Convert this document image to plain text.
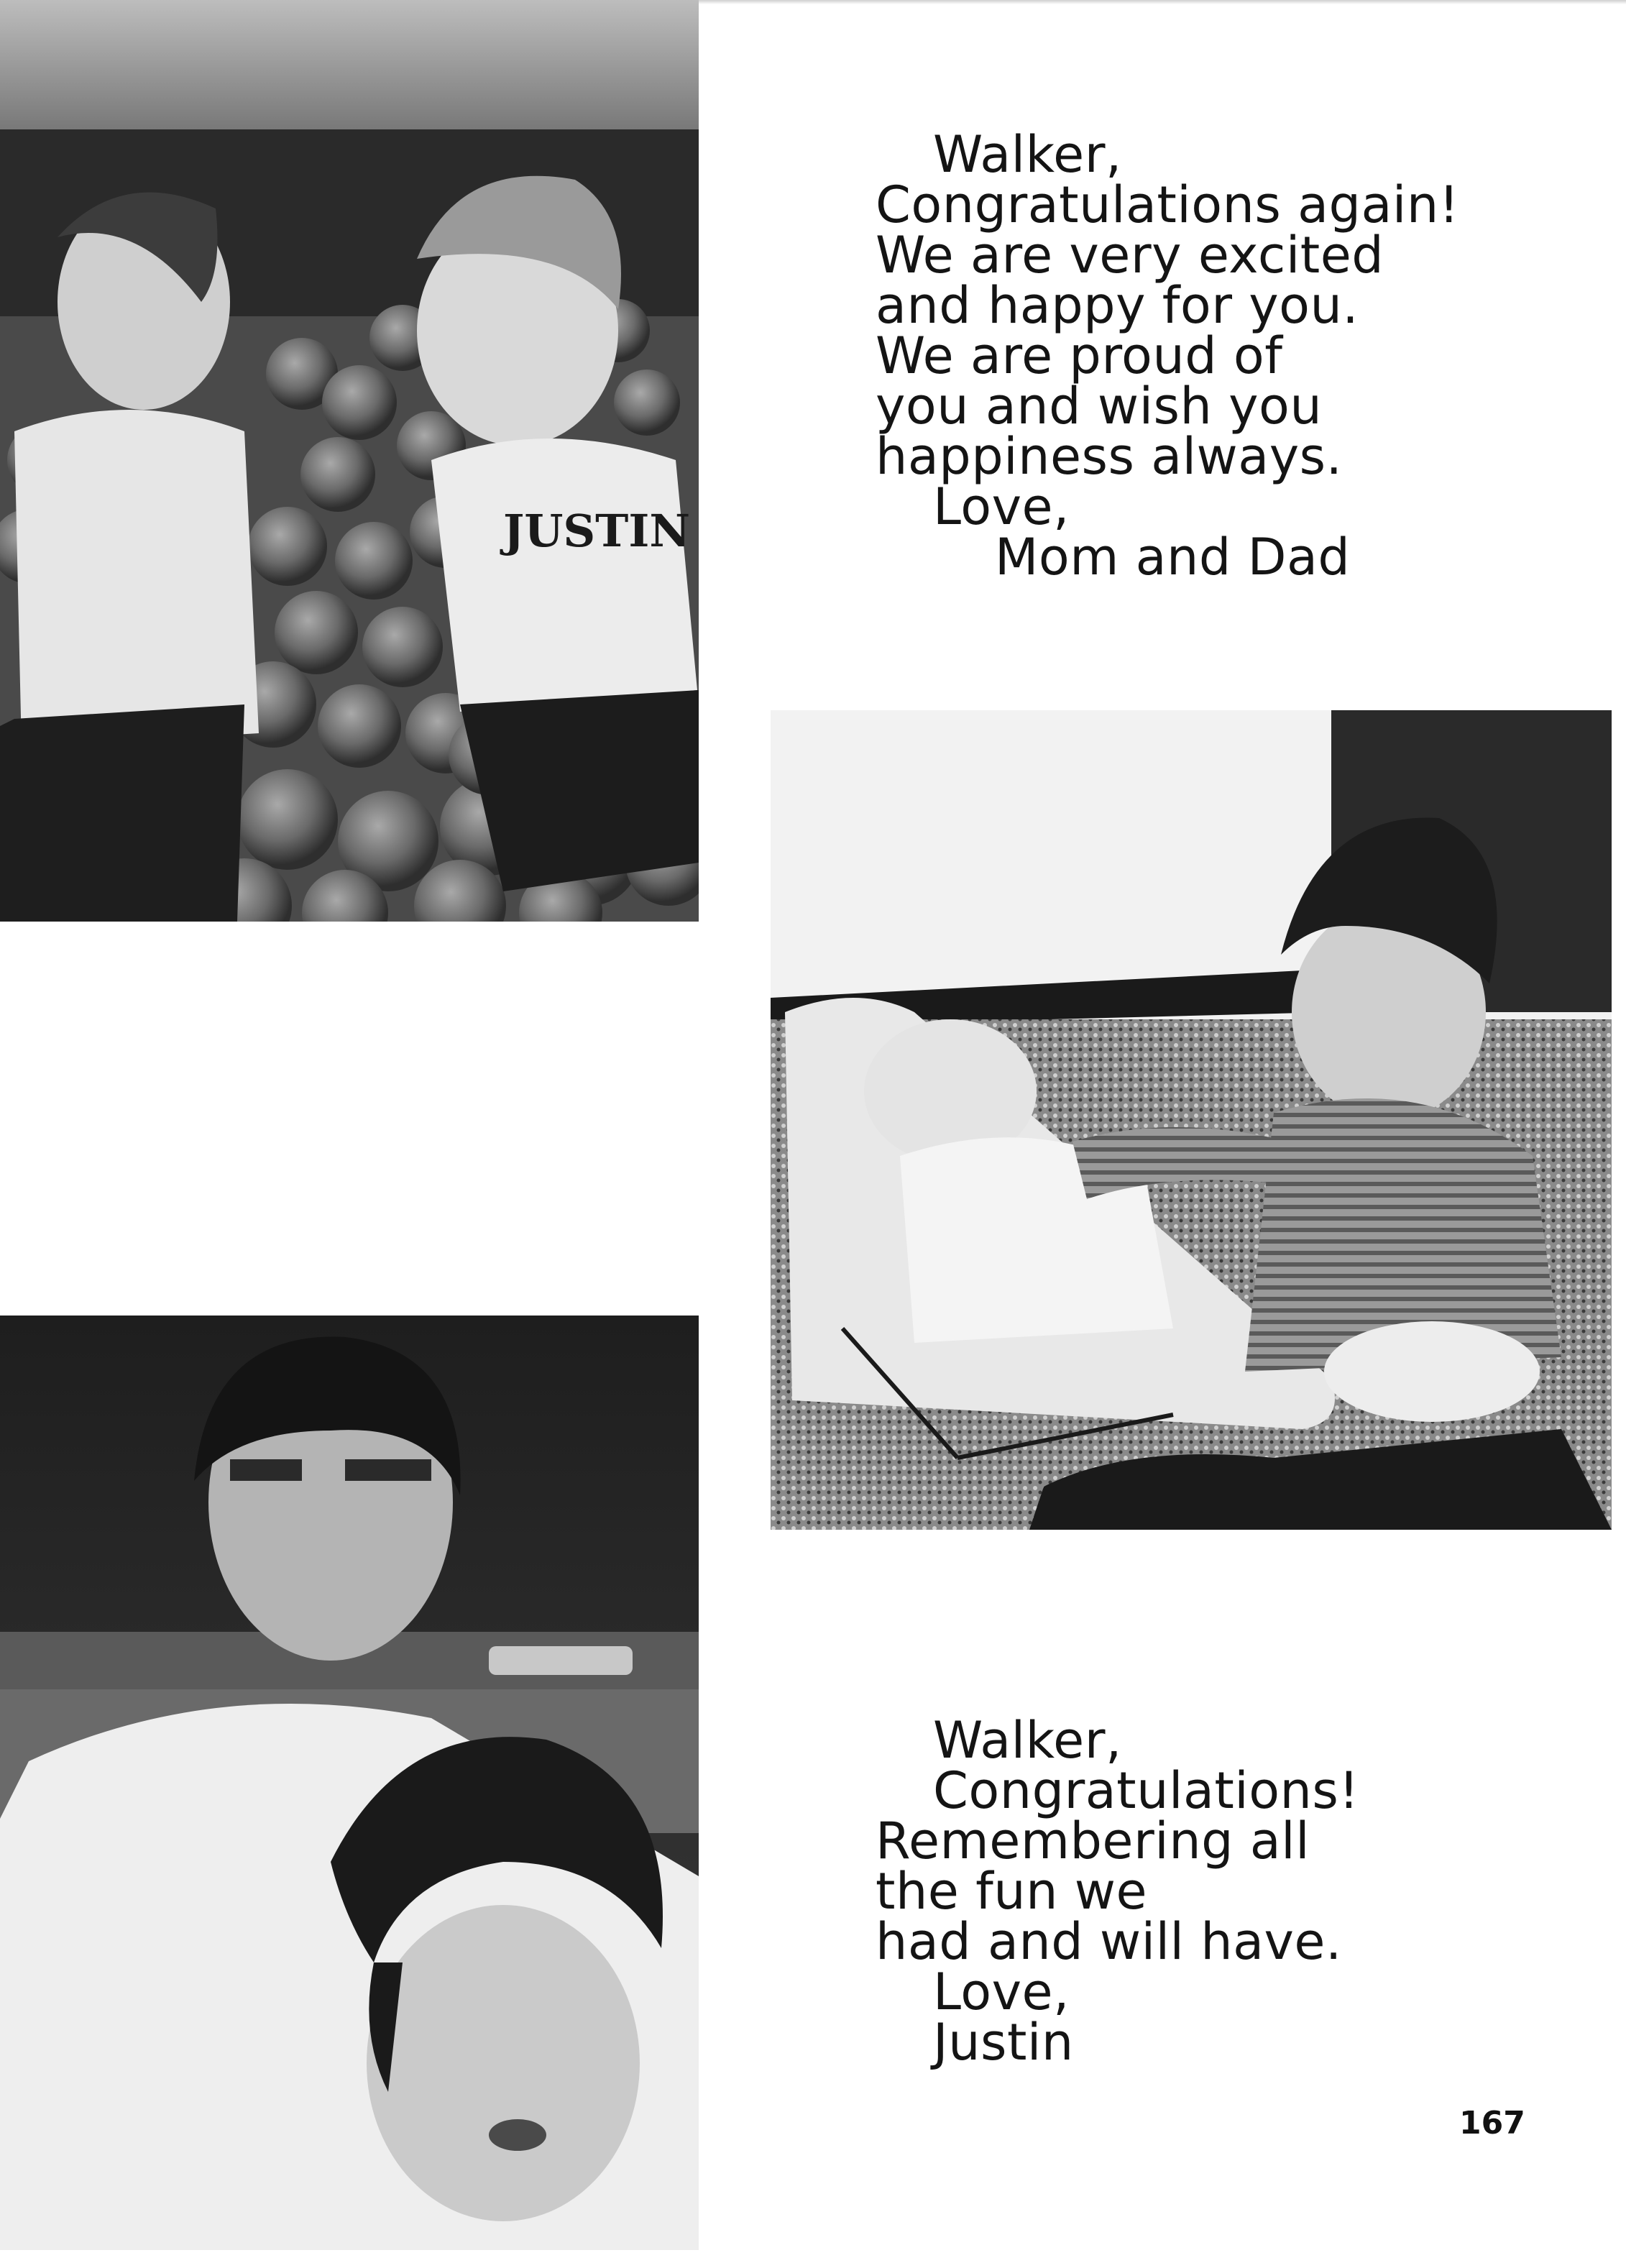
JUSTIN
Walker,
Congratulations again!
We are very excited
and happy for you.
We are proud of
you and wish you
happiness always.
Love,
Mom and Dad
Walker,
Congratulations!
Remembering all
the fun we
had and will have.
Love,
Justin
167
